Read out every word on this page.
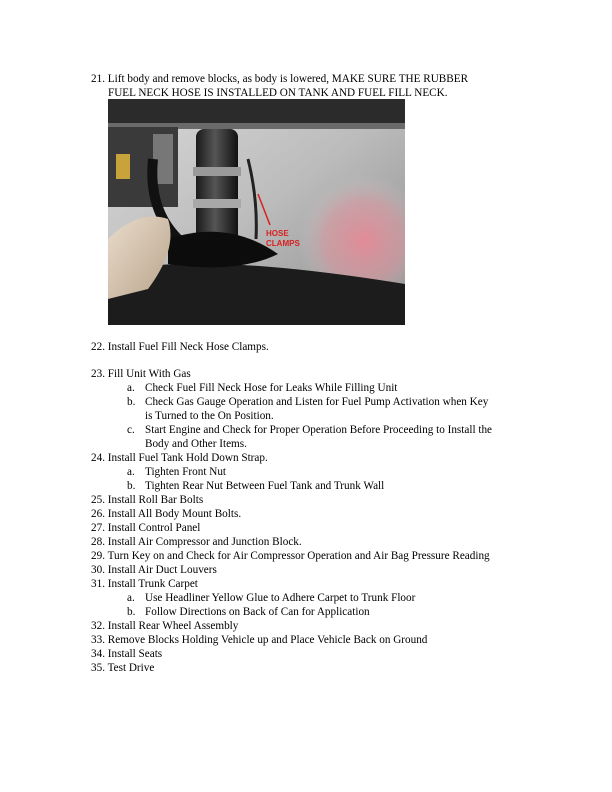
21. Lift body and remove blocks, as body is lowered, MAKE SURE THE RUBBER
FUEL NECK HOSE IS INSTALLED ON TANK AND FUEL FILL NECK.
HOSE
CLAMPS
22. Install Fuel Fill Neck Hose Clamps.
23. Fill Unit With Gas
a. Check Fuel Fill Neck Hose for Leaks While Filling Unit
b. Check Gas Gauge Operation and Listen for Fuel Pump Activation when Key
is Turned to the On Position.
c. Start Engine and Check for Proper Operation Before Proceeding to Install the
Body and Other Items.
24. Install Fuel Tank Hold Down Strap.
a. Tighten Front Nut
b. Tighten Rear Nut Between Fuel Tank and Trunk Wall
25. Install Roll Bar Bolts
26. Install All Body Mount Bolts.
27. Install Control Panel
28. Install Air Compressor and Junction Block.
29. Turn Key on and Check for Air Compressor Operation and Air Bag Pressure Reading
30. Install Air Duct Louvers
31. Install Trunk Carpet
a. Use Headliner Yellow Glue to Adhere Carpet to Trunk Floor
b. Follow Directions on Back of Can for Application
32. Install Rear Wheel Assembly
33. Remove Blocks Holding Vehicle up and Place Vehicle Back on Ground
34. Install Seats
35. Test Drive
